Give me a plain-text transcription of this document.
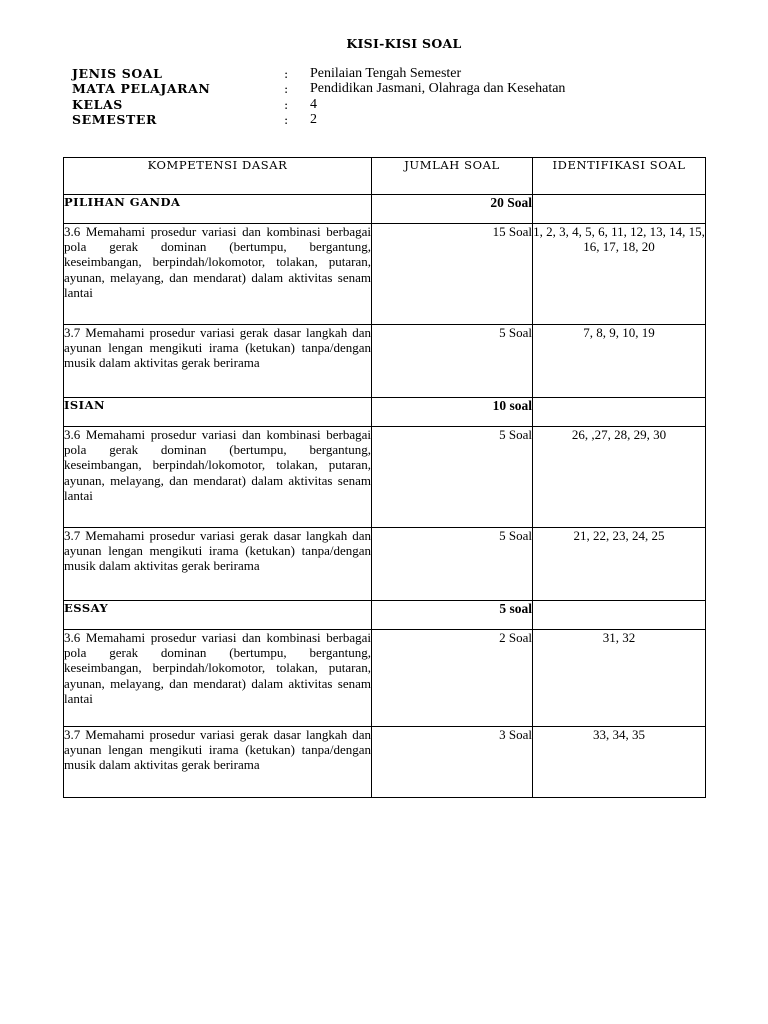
KISI-KISI SOAL
JENIS SOAL	:	Penilaian Tengah Semester
MATA PELAJARAN	:	Pendidikan Jasmani, Olahraga dan Kesehatan
KELAS	:	4
SEMESTER	:	2
KOMPETENSI DASAR	JUMLAH SOAL	IDENTIFIKASI SOAL
PILIHAN GANDA	20 Soal	
3.6 Memahami prosedur variasi dan kombinasi berbagai pola gerak dominan (bertumpu, bergantung, keseimbangan, berpindah/lokomotor, tolakan, putaran, ayunan, melayang, dan mendarat) dalam aktivitas senam lantai	15 Soal	1, 2, 3, 4, 5, 6, 11, 12, 13, 14, 15, 16, 17, 18, 20
3.7 Memahami prosedur variasi gerak dasar langkah dan ayunan lengan mengikuti irama (ketukan) tanpa/dengan musik dalam aktivitas gerak berirama	5 Soal	7, 8, 9, 10, 19
ISIAN	10 soal	
3.6 Memahami prosedur variasi dan kombinasi berbagai pola gerak dominan (bertumpu, bergantung, keseimbangan, berpindah/lokomotor, tolakan, putaran, ayunan, melayang, dan mendarat) dalam aktivitas senam lantai	5 Soal	26, ,27, 28, 29, 30
3.7 Memahami prosedur variasi gerak dasar langkah dan ayunan lengan mengikuti irama (ketukan) tanpa/dengan musik dalam aktivitas gerak berirama	5 Soal	21, 22, 23, 24, 25
ESSAY	5 soal	
3.6 Memahami prosedur variasi dan kombinasi berbagai pola gerak dominan (bertumpu, bergantung, keseimbangan, berpindah/lokomotor, tolakan, putaran, ayunan, melayang, dan mendarat) dalam aktivitas senam lantai	2 Soal	31, 32
3.7 Memahami prosedur variasi gerak dasar langkah dan ayunan lengan mengikuti irama (ketukan) tanpa/dengan musik dalam aktivitas gerak berirama	3 Soal	33, 34, 35
